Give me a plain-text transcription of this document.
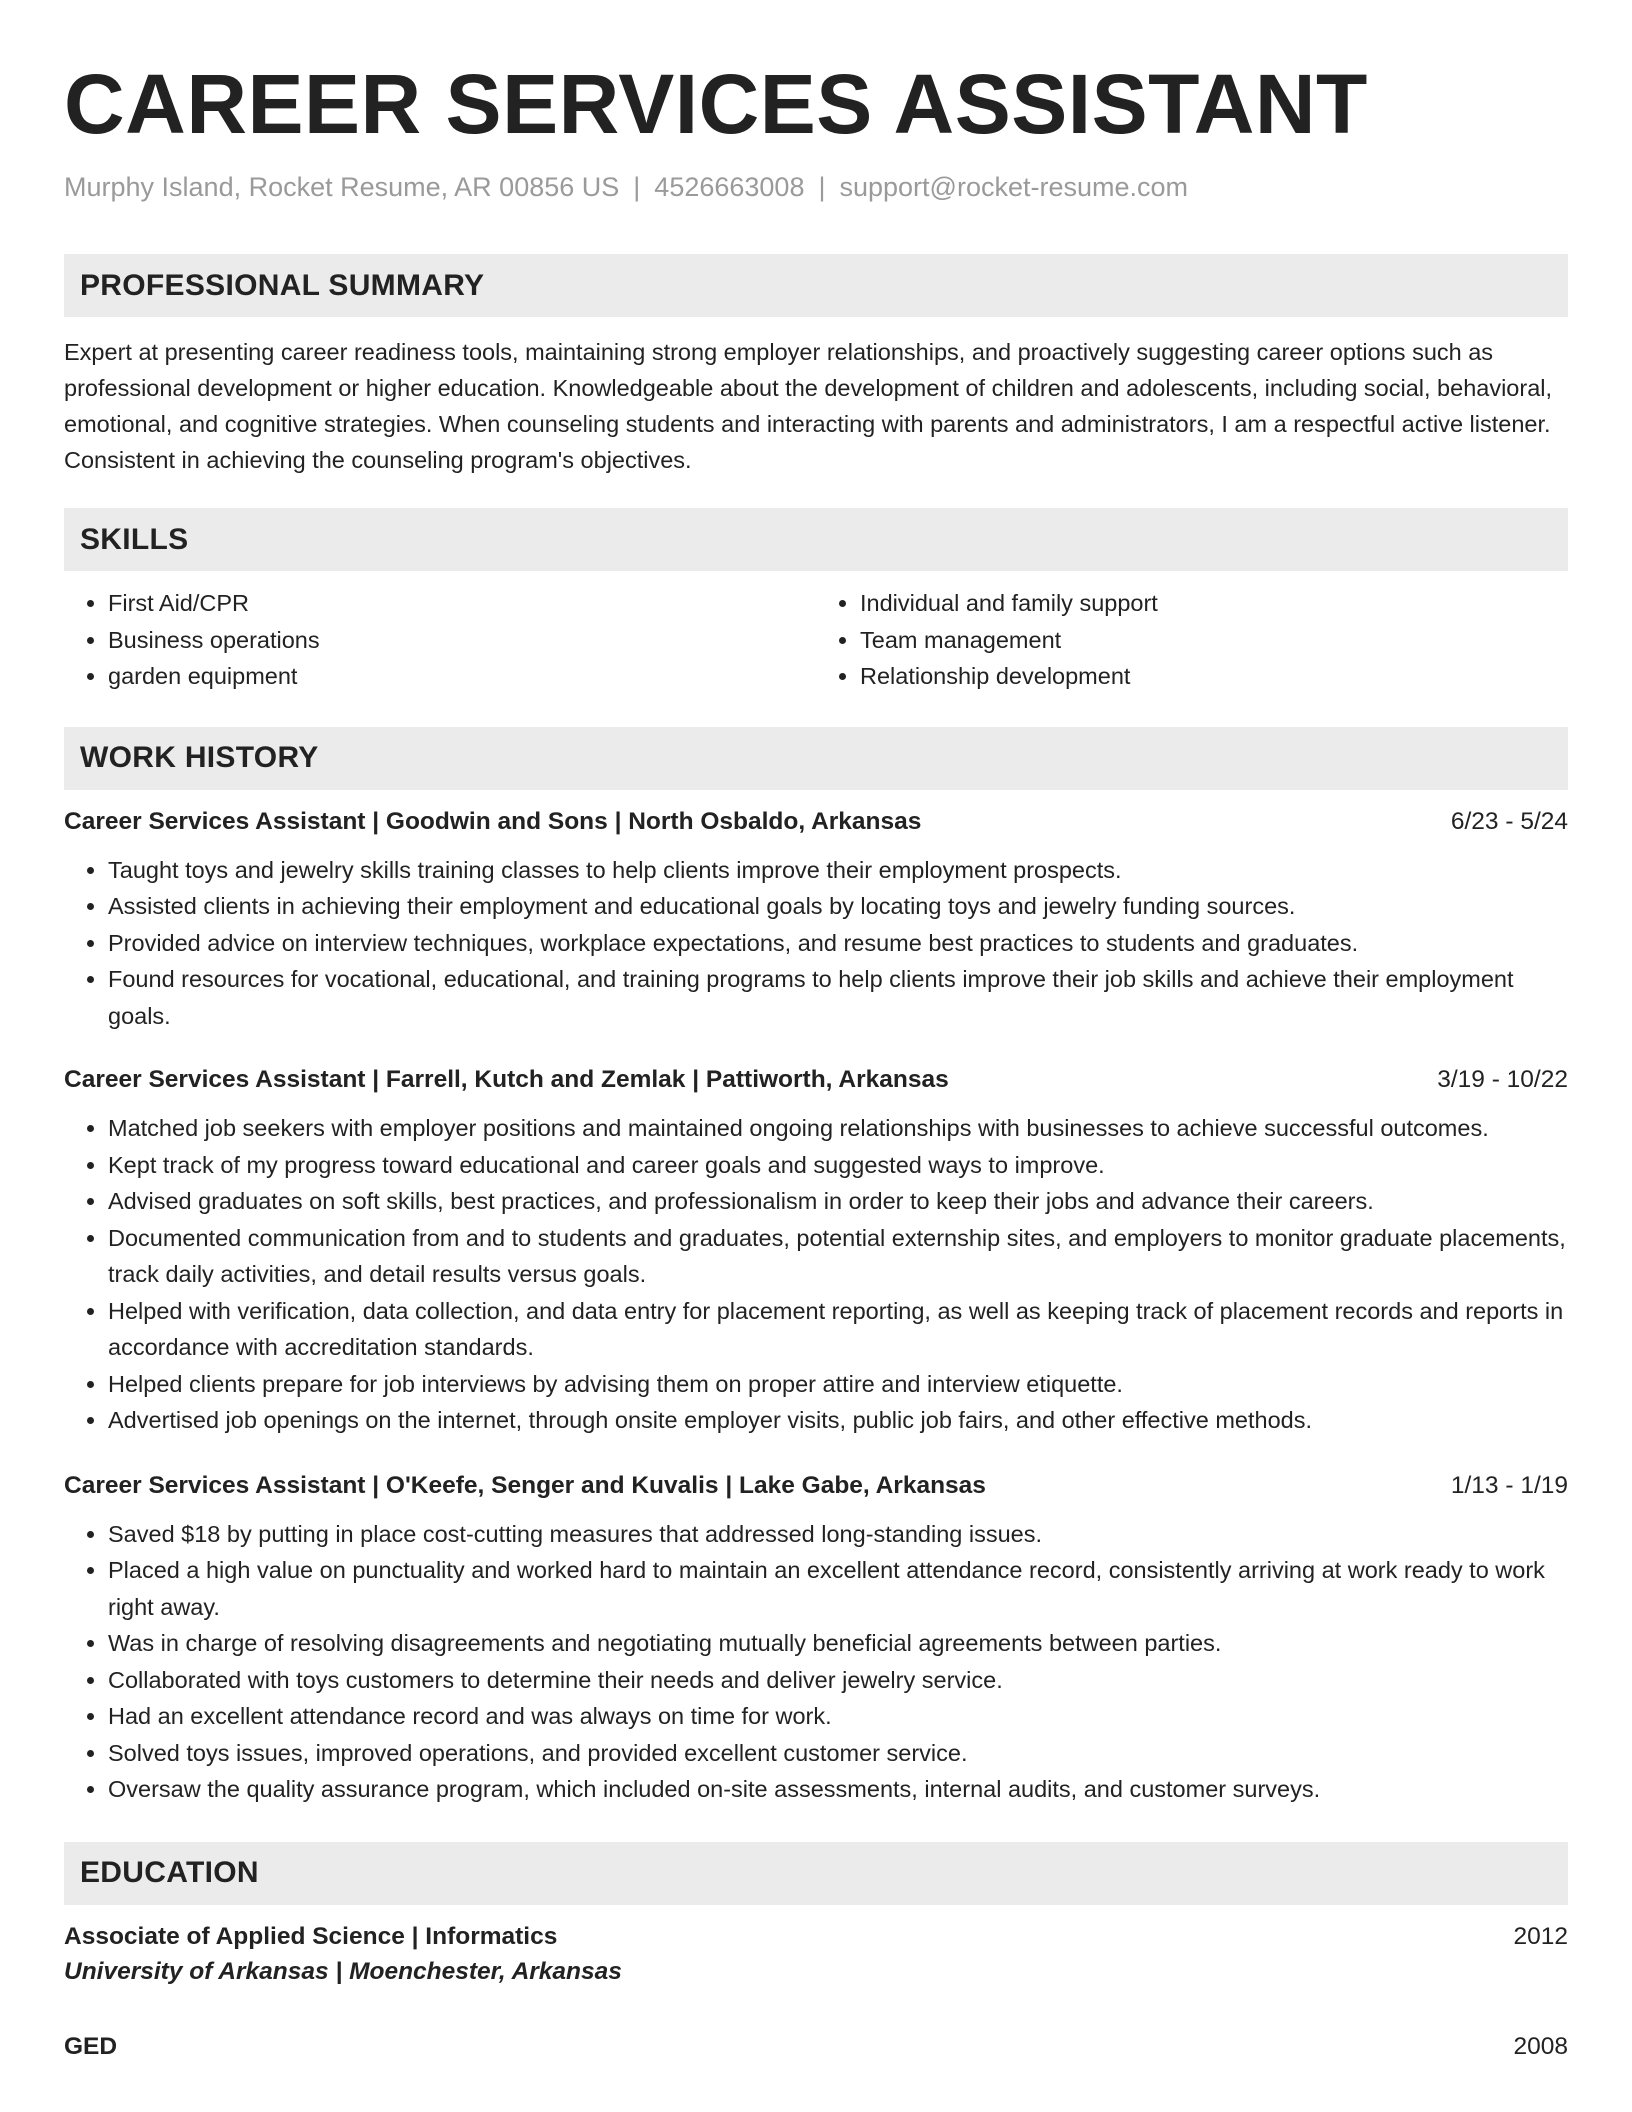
CAREER SERVICES ASSISTANT
Murphy Island, Rocket Resume, AR 00856 US | 4526663008 | support@rocket-resume.com
PROFESSIONAL SUMMARY

Expert at presenting career readiness tools, maintaining strong employer relationships, and proactively suggesting career options such as professional development or higher education. Knowledgeable about the development of children and adolescents, including social, behavioral, emotional, and cognitive strategies. When counseling students and interacting with parents and administrators, I am a respectful active listener. Consistent in achieving the counseling program's objectives.

SKILLS
• First Aid/CPR
• Business operations
• garden equipment
• Individual and family support
• Team management
• Relationship development
WORK HISTORY
Career Services Assistant | Goodwin and Sons | North Osbaldo, Arkansas	6/23 - 5/24
• Taught toys and jewelry skills training classes to help clients improve their employment prospects.
• Assisted clients in achieving their employment and educational goals by locating toys and jewelry funding sources.
• Provided advice on interview techniques, workplace expectations, and resume best practices to students and graduates.
• Found resources for vocational, educational, and training programs to help clients improve their job skills and achieve their employment goals.
Career Services Assistant | Farrell, Kutch and Zemlak | Pattiworth, Arkansas	3/19 - 10/22
• Matched job seekers with employer positions and maintained ongoing relationships with businesses to achieve successful outcomes.
• Kept track of my progress toward educational and career goals and suggested ways to improve.
• Advised graduates on soft skills, best practices, and professionalism in order to keep their jobs and advance their careers.
• Documented communication from and to students and graduates, potential externship sites, and employers to monitor graduate placements, track daily activities, and detail results versus goals.
• Helped with verification, data collection, and data entry for placement reporting, as well as keeping track of placement records and reports in accordance with accreditation standards.
• Helped clients prepare for job interviews by advising them on proper attire and interview etiquette.
• Advertised job openings on the internet, through onsite employer visits, public job fairs, and other effective methods.
Career Services Assistant | O'Keefe, Senger and Kuvalis | Lake Gabe, Arkansas	1/13 - 1/19
• Saved $18 by putting in place cost-cutting measures that addressed long-standing issues.
• Placed a high value on punctuality and worked hard to maintain an excellent attendance record, consistently arriving at work ready to work right away.
• Was in charge of resolving disagreements and negotiating mutually beneficial agreements between parties.
• Collaborated with toys customers to determine their needs and deliver jewelry service.
• Had an excellent attendance record and was always on time for work.
• Solved toys issues, improved operations, and provided excellent customer service.
• Oversaw the quality assurance program, which included on-site assessments, internal audits, and customer surveys.
EDUCATION
Associate of Applied Science | Informatics	2012
University of Arkansas | Moenchester, Arkansas
GED	2008
